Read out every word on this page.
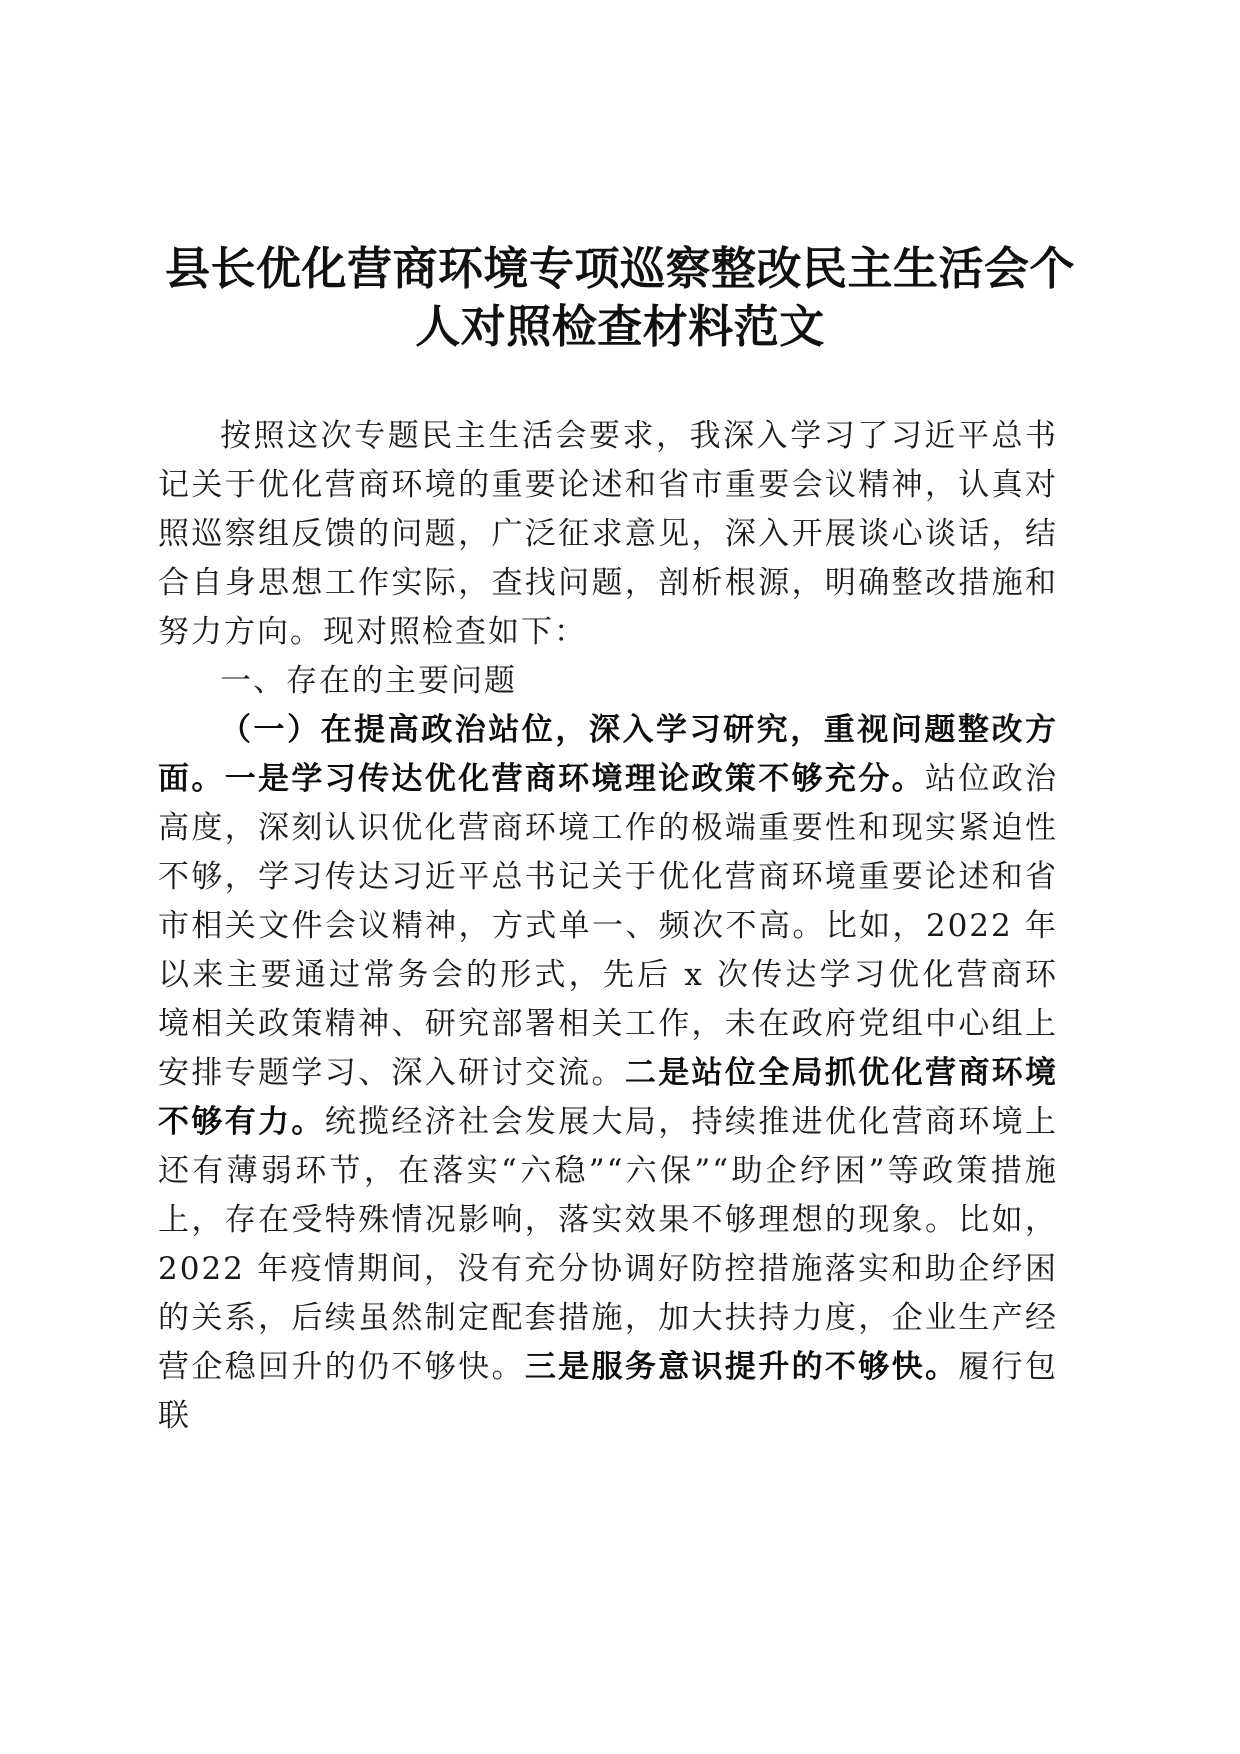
县长优化营商环境专项巡察整改民主生活会个人对照检查材料范文

按照这次专题民主生活会要求，我深入学习了习近平总书记关于优化营商环境的重要论述和省市重要会议精神，认真对照巡察组反馈的问题，广泛征求意见，深入开展谈心谈话，结合自身思想工作实际，查找问题，剖析根源，明确整改措施和努力方向。现对照检查如下：

一、存在的主要问题

（一）在提高政治站位，深入学习研究，重视问题整改方面。一是学习传达优化营商环境理论政策不够充分。站位政治高度，深刻认识优化营商环境工作的极端重要性和现实紧迫性不够，学习传达习近平总书记关于优化营商环境重要论述和省市相关文件会议精神，方式单一、频次不高。比如，2022 年以来主要通过常务会的形式，先后 x 次传达学习优化营商环境相关政策精神、研究部署相关工作，未在政府党组中心组上安排专题学习、深入研讨交流。二是站位全局抓优化营商环境不够有力。统揽经济社会发展大局，持续推进优化营商环境上还有薄弱环节，在落实“六稳”“六保”“助企纾困”等政策措施上，存在受特殊情况影响，落实效果不够理想的现象。比如，2022 年疫情期间，没有充分协调好防控措施落实和助企纾困的关系，后续虽然制定配套措施，加大扶持力度，企业生产经营企稳回升的仍不够快。三是服务意识提升的不够快。履行包联
